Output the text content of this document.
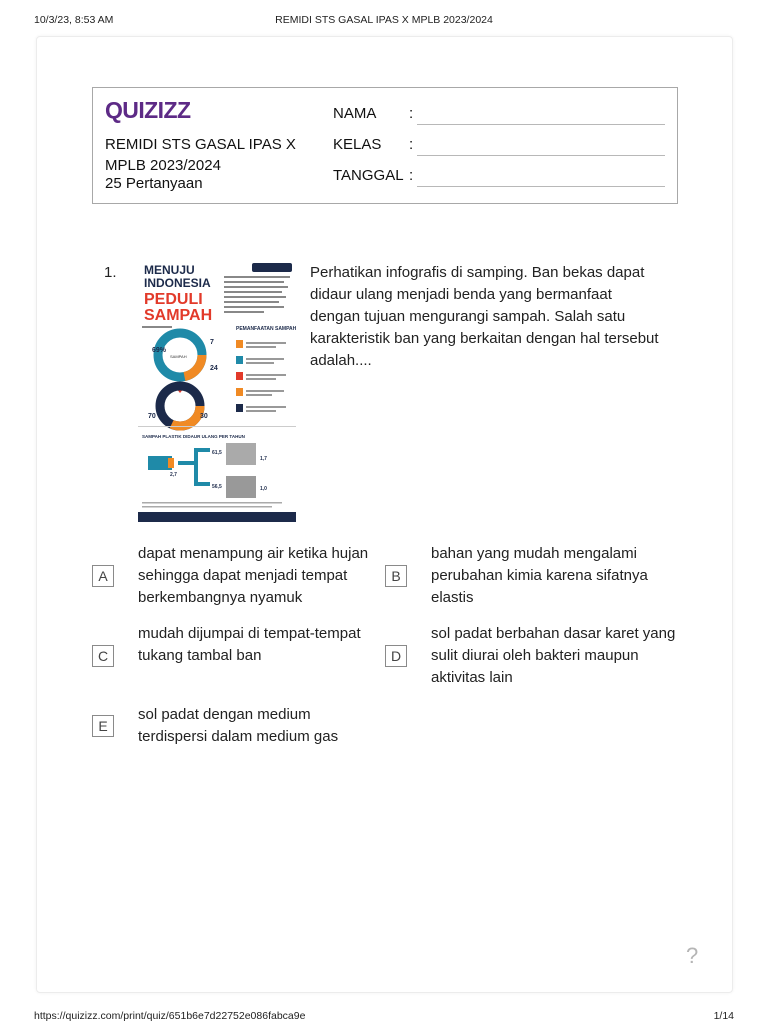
10/3/23, 8:53 AM	REMIDI STS GASAL IPAS X MPLB 2023/2024
QUIZIZZ
REMIDI STS GASAL IPAS X MPLB 2023/2024
25 Pertanyaan
NAMA :
KELAS :
TANGGAL :
1. MENUJU
INDONESIA
PEDULI
SAMPAH
SAMPAH
69%
7
24
70	30
PEMANFAATAN SAMPAH
SAMPAH PLASTIK DIDAUR ULANG PER TAHUN
61,5
2,7
1,7
56,5	1,0
Perhatikan infografis di samping. Ban bekas dapat didaur ulang menjadi benda yang bermanfaat dengan tujuan mengurangi sampah. Salah satu karakteristik ban yang berkaitan dengan hal tersebut adalah....
A
dapat menampung air ketika hujan sehingga dapat menjadi tempat berkembangnya nyamuk
B
bahan yang mudah mengalami perubahan kimia karena sifatnya elastis
C
mudah dijumpai di tempat-tempat tukang tambal ban	D
sol padat berbahan dasar karet yang sulit diurai oleh bakteri maupun aktivitas lain
E
sol padat dengan medium terdispersi dalam medium gas
?
https://quizizz.com/print/quiz/651b6e7d22752e086fabca9e	1/14
